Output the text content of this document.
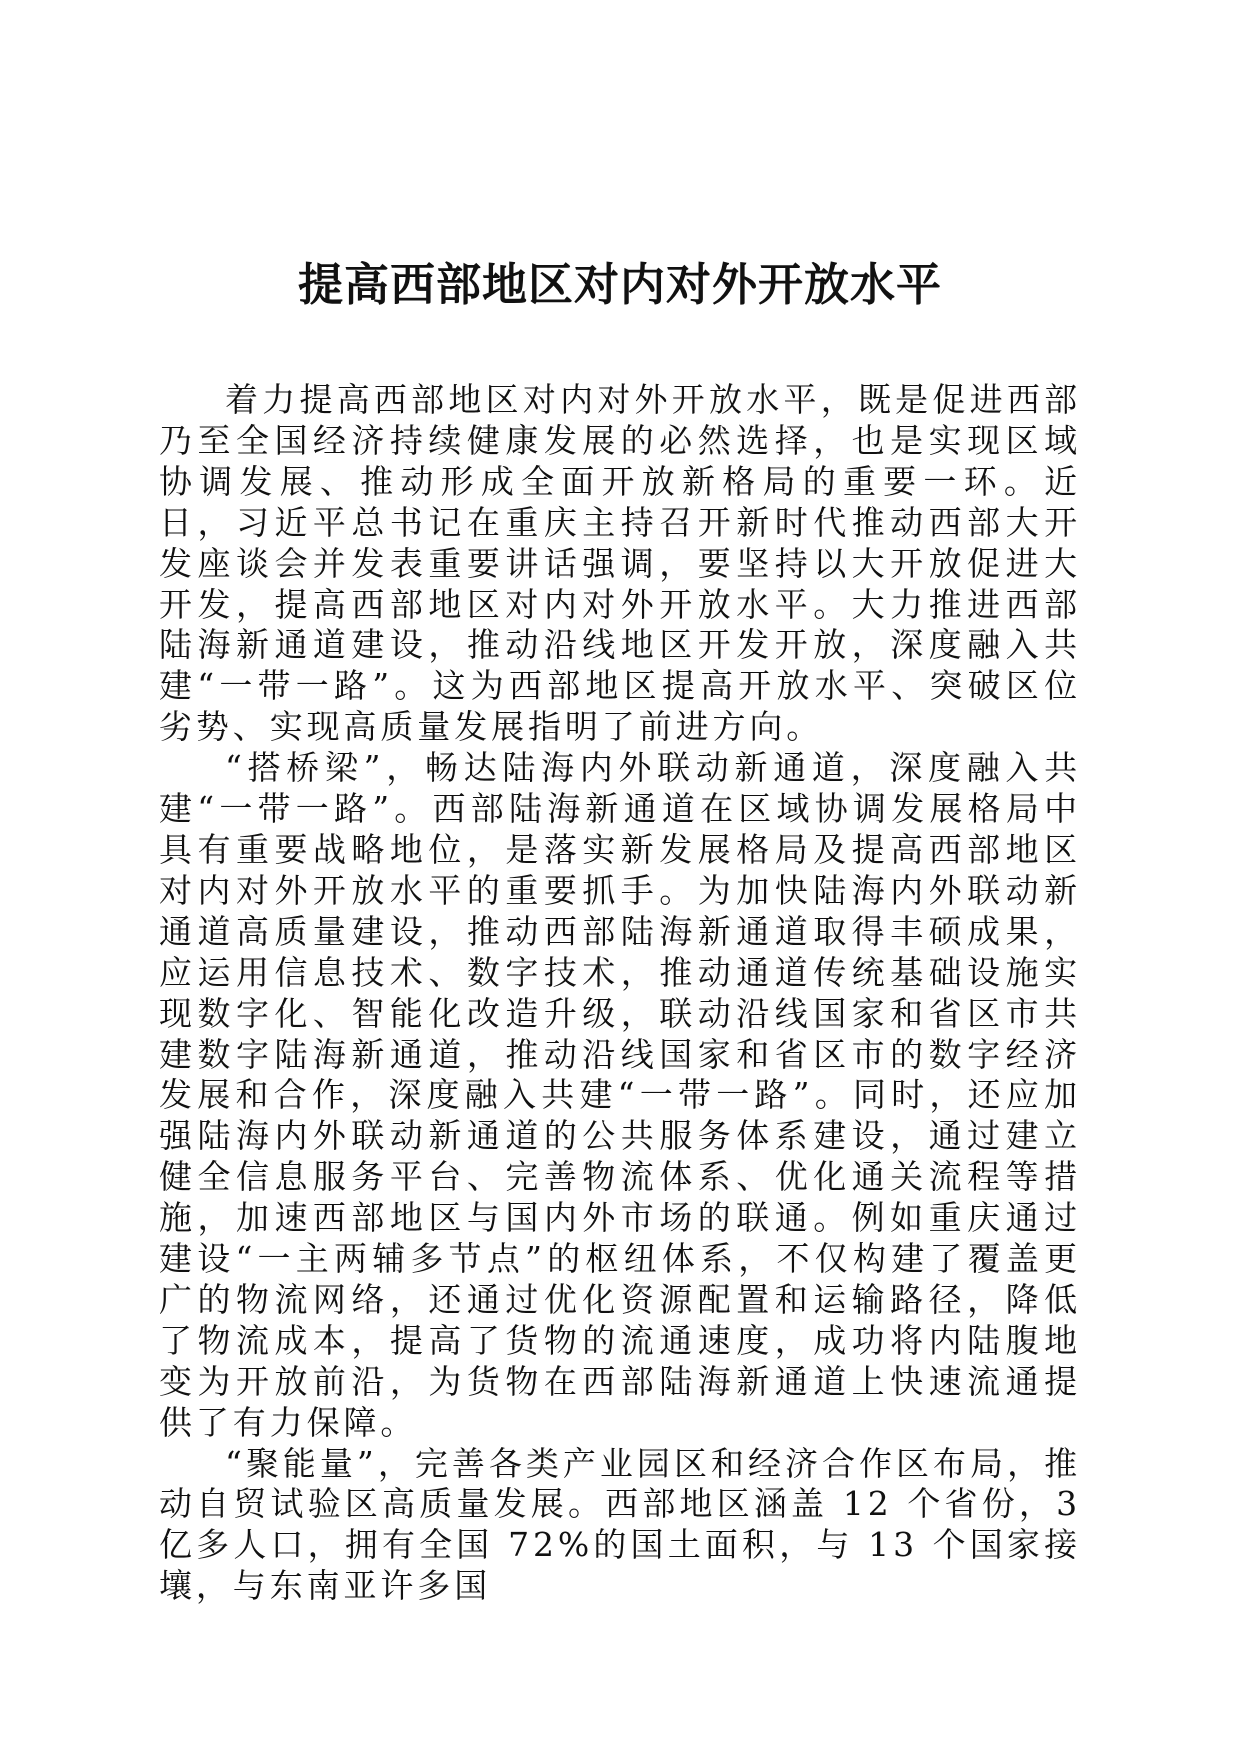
提高西部地区对内对外开放水平

着力提高西部地区对内对外开放水平，既是促进西部乃至全国经济持续健康发展的必然选择，也是实现区域协调发展、推动形成全面开放新格局的重要一环。近日，习近平总书记在重庆主持召开新时代推动西部大开发座谈会并发表重要讲话强调，要坚持以大开放促进大开发，提高西部地区对内对外开放水平。大力推进西部陆海新通道建设，推动沿线地区开发开放，深度融入共建“一带一路”。这为西部地区提高开放水平、突破区位劣势、实现高质量发展指明了前进方向。

“搭桥梁”，畅达陆海内外联动新通道，深度融入共建“一带一路”。西部陆海新通道在区域协调发展格局中具有重要战略地位，是落实新发展格局及提高西部地区对内对外开放水平的重要抓手。为加快陆海内外联动新通道高质量建设，推动西部陆海新通道取得丰硕成果，应运用信息技术、数字技术，推动通道传统基础设施实现数字化、智能化改造升级，联动沿线国家和省区市共建数字陆海新通道，推动沿线国家和省区市的数字经济发展和合作，深度融入共建“一带一路”。同时，还应加强陆海内外联动新通道的公共服务体系建设，通过建立健全信息服务平台、完善物流体系、优化通关流程等措施，加速西部地区与国内外市场的联通。例如重庆通过建设“一主两辅多节点”的枢纽体系，不仅构建了覆盖更广的物流网络，还通过优化资源配置和运输路径，降低了物流成本，提高了货物的流通速度，成功将内陆腹地变为开放前沿，为货物在西部陆海新通道上快速流通提供了有力保障。

“聚能量”，完善各类产业园区和经济合作区布局，推动自贸试验区高质量发展。西部地区涵盖 12 个省份，3 亿多人口，拥有全国 72%的国土面积，与 13 个国家接壤，与东南亚许多国
